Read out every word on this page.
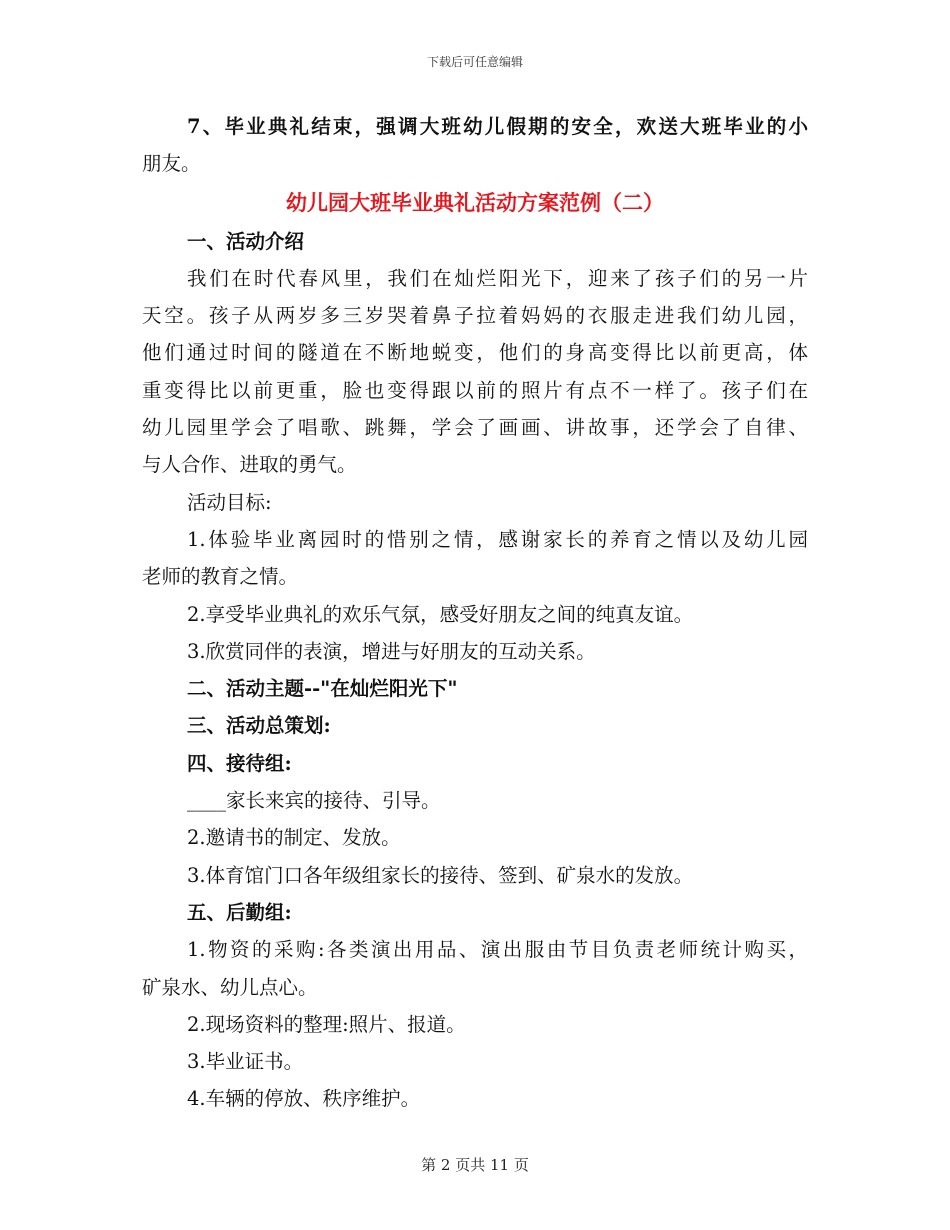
下载后可任意编辑
7、毕业典礼结束，强调大班幼儿假期的安全，欢送大班毕业的小
朋友。
幼儿园大班毕业典礼活动方案范例（二）
一、活动介绍
我们在时代春风里，我们在灿烂阳光下，迎来了孩子们的另一片
天空。孩子从两岁多三岁哭着鼻子拉着妈妈的衣服走进我们幼儿园，
他们通过时间的隧道在不断地蜕变，他们的身高变得比以前更高，体
重变得比以前更重，脸也变得跟以前的照片有点不一样了。孩子们在
幼儿园里学会了唱歌、跳舞，学会了画画、讲故事，还学会了自律、
与人合作、进取的勇气。
活动目标:
1.体验毕业离园时的惜别之情，感谢家长的养育之情以及幼儿园
老师的教育之情。
2.享受毕业典礼的欢乐气氛，感受好朋友之间的纯真友谊。
3.欣赏同伴的表演，增进与好朋友的互动关系。
二、活动主题--"在灿烂阳光下"
三、活动总策划:
四、接待组:
____家长来宾的接待、引导。
2.邀请书的制定、发放。
3.体育馆门口各年级组家长的接待、签到、矿泉水的发放。
五、后勤组:
1.物资的采购:各类演出用品、演出服由节目负责老师统计购买，
矿泉水、幼儿点心。
2.现场资料的整理:照片、报道。
3.毕业证书。
4.车辆的停放、秩序维护。
第 2 页共 11 页
